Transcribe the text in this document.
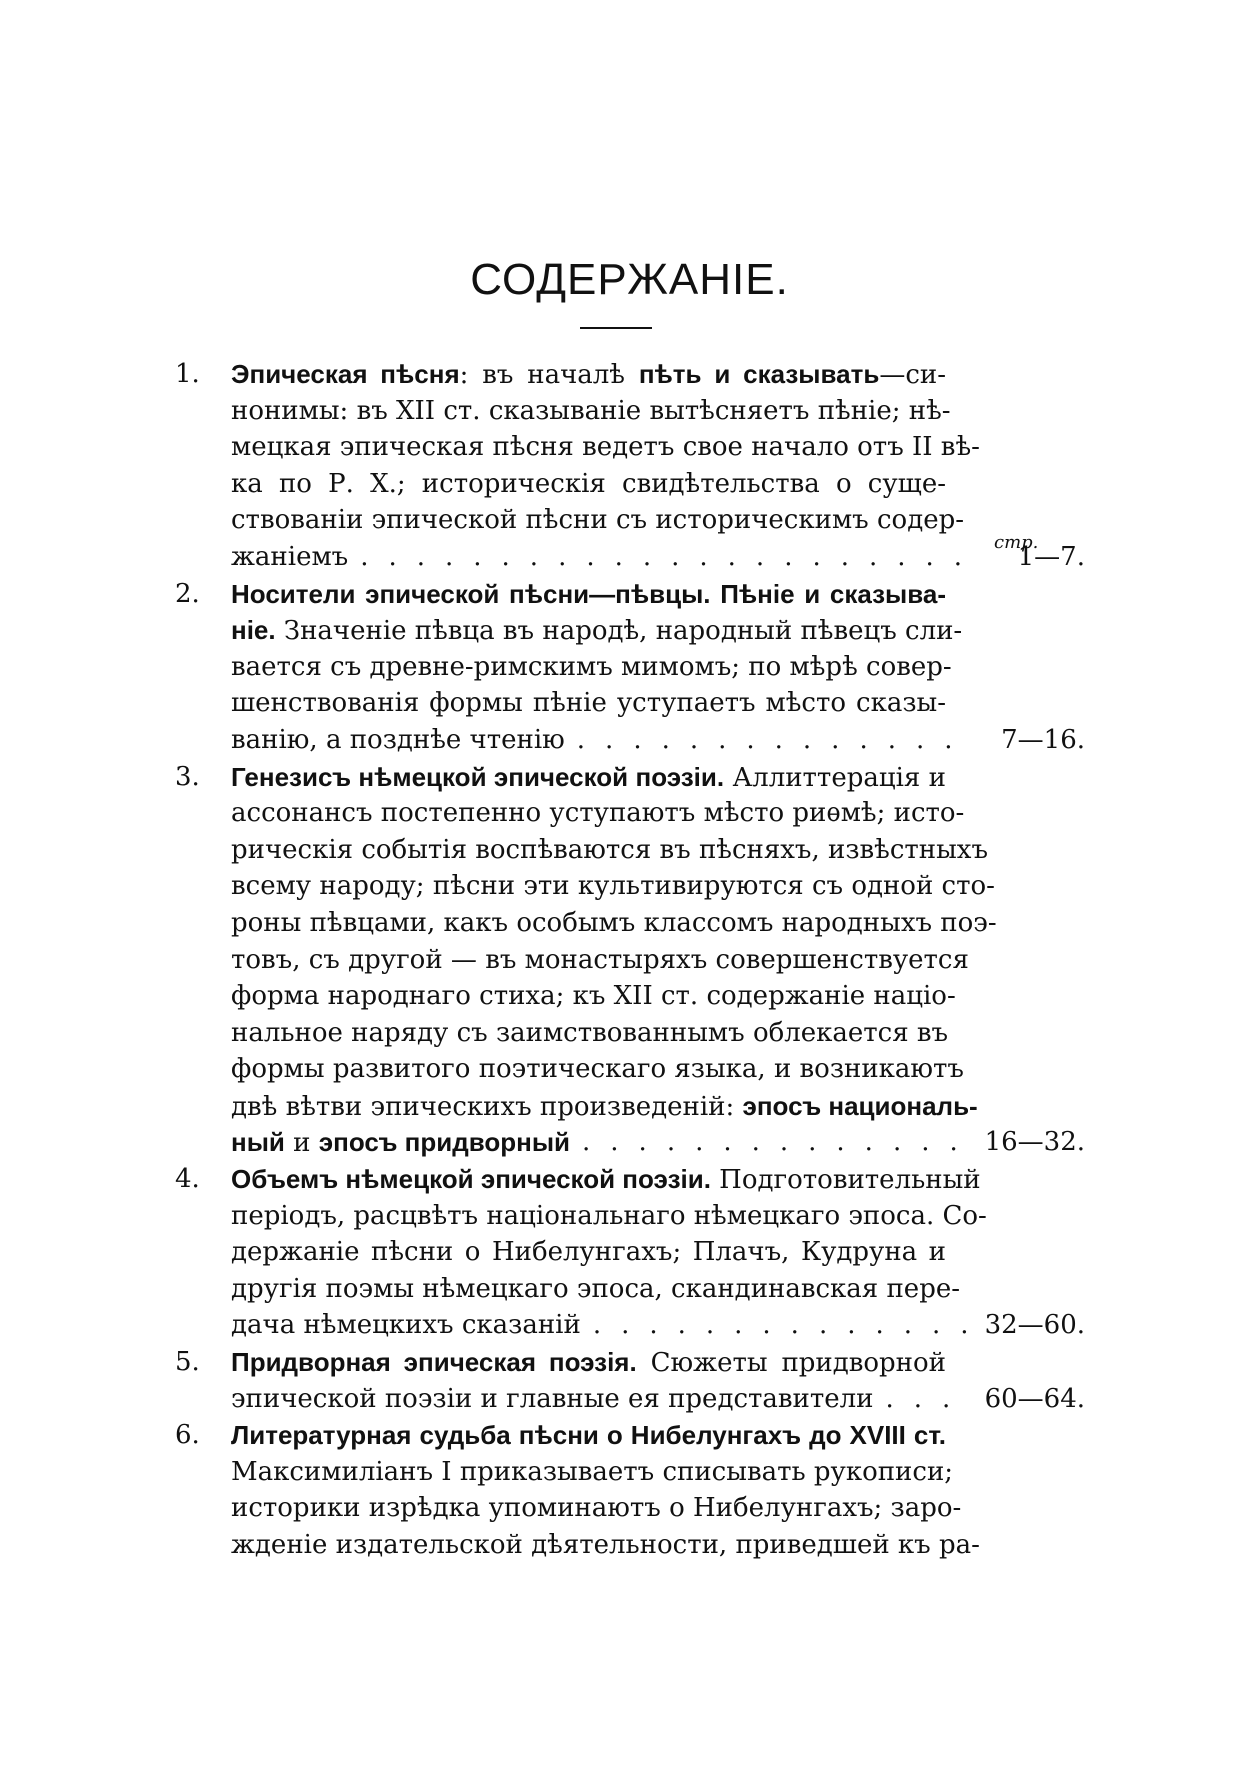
СОДЕРЖАНІЕ.
1.	Эпическая пѣсня: въ началѣ пѣть и сказывать—си-
нонимы: въ XII ст. сказываніе вытѣсняетъ пѣніе; нѣ-
мецкая эпическая пѣсня ведетъ свое начало отъ II вѣ-
ка по Р. Х.; историческія свидѣтельства о суще-
ствованіи эпической пѣсни съ историческимъ содер-
жаніемъ ......................	1—7.
стр.
2.	Носители эпической пѣсни—пѣвцы. Пѣніе и сказыва-
ніе. Значеніе пѣвца въ народѣ, народный пѣвецъ сли-
вается съ древне-римскимъ мимомъ; по мѣрѣ совер-
шенствованія формы пѣніе уступаетъ мѣсто сказы-
ванію, а позднѣе чтенію ..............	7—16.
3.	Генезисъ нѣмецкой эпической поэзіи. Аллиттерація и
ассонансъ постепенно уступаютъ мѣсто риѳмѣ; исто-
рическія событія воспѣваются въ пѣсняхъ, извѣстныхъ
всему народу; пѣсни эти культивируются съ одной сто-
роны пѣвцами, какъ особымъ классомъ народныхъ поэ-
товъ, съ другой — въ монастыряхъ совершенствуется
форма народнаго стиха; къ XII ст. содержаніе націо-
нальное наряду съ заимствованнымъ облекается въ
формы развитого поэтическаго языка, и возникаютъ
двѣ вѣтви эпическихъ произведеній: эпосъ националь-
ный и эпосъ придворный .............. 16—32.
4.	Объемъ нѣмецкой эпической поэзіи. Подготовительный
періодъ, расцвѣтъ національнаго нѣмецкаго эпоса. Со-
держаніе пѣсни о Нибелунгахъ; Плачъ, Кудруна и
другія поэмы нѣмецкаго эпоса, скандинавская пере-
дача нѣмецкихъ сказаній ..............
32—60.
5.	Придворная эпическая поэзія. Сюжеты придворной
эпической поэзіи и главные ея представители ... 60—64.
6.	Литературная судьба пѣсни о Нибелунгахъ до XVIII ст.
Максимиліанъ I приказываетъ списывать рукописи;
историки изрѣдка упоминаютъ о Нибелунгахъ; заро-
жденіе издательской дѣятельности, приведшей къ ра-
